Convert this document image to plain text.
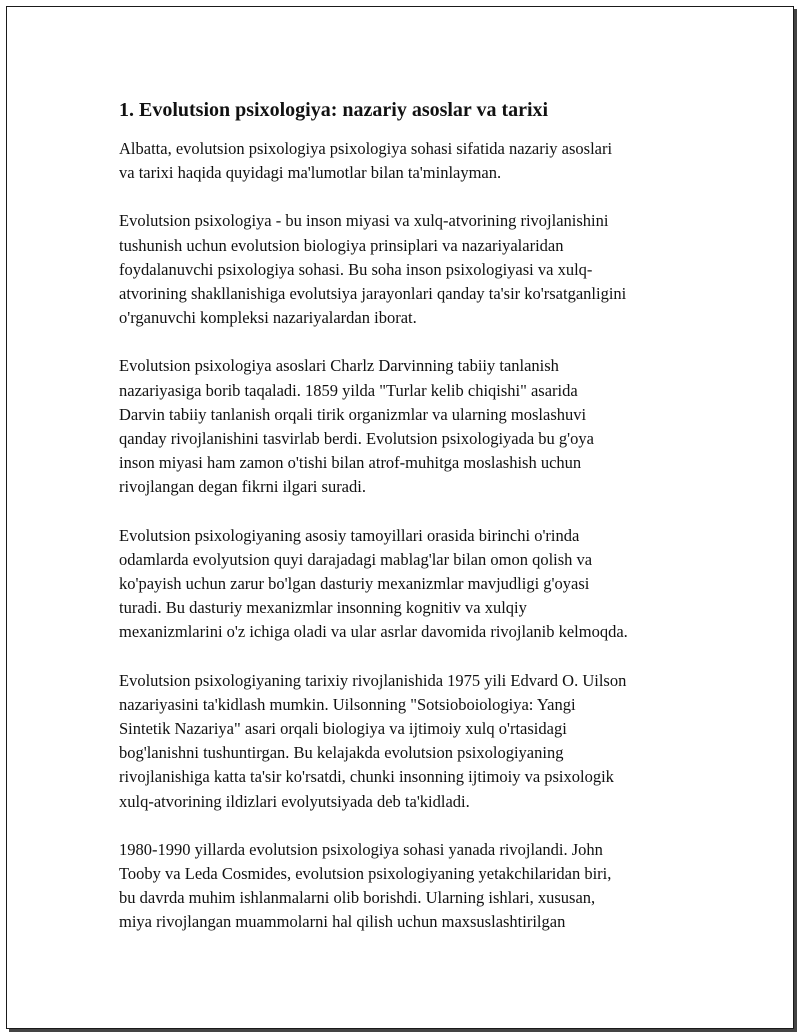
1. Evolutsion psixologiya: nazariy asoslar va tarixi

Albatta, evolutsion psixologiya psixologiya sohasi sifatida nazariy asoslari
va tarixi haqida quyidagi ma'lumotlar bilan ta'minlayman.

Evolutsion psixologiya - bu inson miyasi va xulq-atvorining rivojlanishini
tushunish uchun evolutsion biologiya prinsiplari va nazariyalaridan
foydalanuvchi psixologiya sohasi. Bu soha inson psixologiyasi va xulq-
atvorining shakllanishiga evolutsiya jarayonlari qanday ta'sir ko'rsatganligini
o'rganuvchi kompleksi nazariyalardan iborat.

Evolutsion psixologiya asoslari Charlz Darvinning tabiiy tanlanish
nazariyasiga borib taqaladi. 1859 yilda "Turlar kelib chiqishi" asarida
Darvin tabiiy tanlanish orqali tirik organizmlar va ularning moslashuvi
qanday rivojlanishini tasvirlab berdi. Evolutsion psixologiyada bu g'oya
inson miyasi ham zamon o'tishi bilan atrof-muhitga moslashish uchun
rivojlangan degan fikrni ilgari suradi.

Evolutsion psixologiyaning asosiy tamoyillari orasida birinchi o'rinda
odamlarda evolyutsion quyi darajadagi mablag'lar bilan omon qolish va
ko'payish uchun zarur bo'lgan dasturiy mexanizmlar mavjudligi g'oyasi
turadi. Bu dasturiy mexanizmlar insonning kognitiv va xulqiy
mexanizmlarini o'z ichiga oladi va ular asrlar davomida rivojlanib kelmoqda.

Evolutsion psixologiyaning tarixiy rivojlanishida 1975 yili Edvard O. Uilson
nazariyasini ta'kidlash mumkin. Uilsonning "Sotsioboiologiya: Yangi
Sintetik Nazariya" asari orqali biologiya va ijtimoiy xulq o'rtasidagi
bog'lanishni tushuntirgan. Bu kelajakda evolutsion psixologiyaning
rivojlanishiga katta ta'sir ko'rsatdi, chunki insonning ijtimoiy va psixologik
xulq-atvorining ildizlari evolyutsiyada deb ta'kidladi.

1980-1990 yillarda evolutsion psixologiya sohasi yanada rivojlandi. John
Tooby va Leda Cosmides, evolutsion psixologiyaning yetakchilaridan biri,
bu davrda muhim ishlanmalarni olib borishdi. Ularning ishlari, xususan,
miya rivojlangan muammolarni hal qilish uchun maxsuslashtirilgan
